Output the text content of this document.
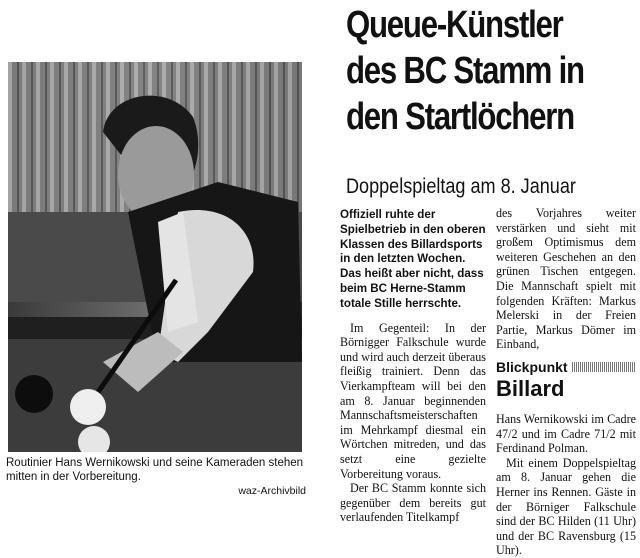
Routinier Hans Wernikowski und seine Kameraden stehen mitten in der Vorbereitung.
waz-Archivbild
Queue-Künstler
des BC Stamm in
den Startlöchern
Doppelspieltag am 8. Januar

Offiziell ruhte der Spielbetrieb in den oberen Klassen des Billardsports in den letzten Wochen. Das heißt aber nicht, dass beim BC Herne-Stamm totale Stille herrschte.

Im Gegenteil: In der Börnigger Falkschule wurde und wird auch derzeit überaus fleißig trainiert. Denn das Vierkampfteam will bei den am 8. Januar beginnenden Mannschaftsmeisterschaften im Mehrkampf diesmal ein Wörtchen mitreden, und das setzt eine gezielte Vorbereitung voraus.

Der BC Stamm konnte sich gegenüber dem bereits gut verlaufenden Titelkampf

des Vorjahres weiter verstärken und sieht mit großem Optimismus dem weiteren Geschehen an den grünen Tischen entgegen. Die Mannschaft spielt mit folgenden Kräften: Markus Melerski in der Freien Partie, Markus Dömer im Einband,

Blickpunkt
Billard

Hans Wernikowski im Cadre 47/2 und im Cadre 71/2 mit Ferdinand Polman.

Mit einem Doppelspieltag am 8. Januar gehen die Herner ins Rennen. Gäste in der Börniger Falkschule sind der BC Hilden (11 Uhr) und der BC Ravensburg (15 Uhr).
